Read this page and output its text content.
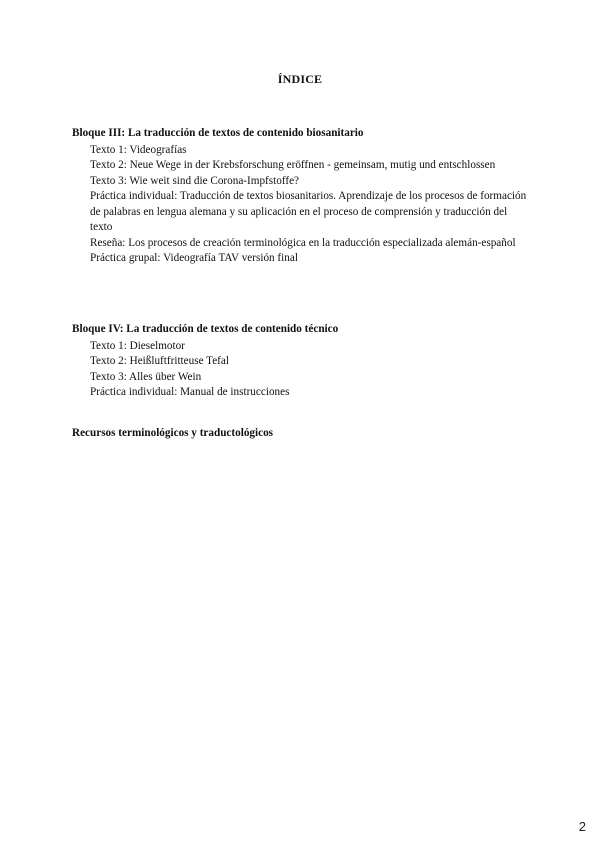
ÍNDICE

Bloque III: La traducción de textos de contenido biosanitario

Texto 1: Videografías
Texto 2: Neue Wege in der Krebsforschung eröffnen - gemeinsam, mutig und entschlossen
Texto 3: Wie weit sind die Corona-Impfstoffe?
Práctica individual: Traducción de textos biosanitarios. Aprendizaje de los procesos de formación de palabras en lengua alemana y su aplicación en el proceso de comprensión y traducción del texto
Reseña: Los procesos de creación terminológica en la traducción especializada alemán-español
Práctica grupal: Videografía TAV versión final

Bloque IV: La traducción de textos de contenido técnico

Texto 1: Dieselmotor
Texto 2: Heißluftfritteuse Tefal
Texto 3: Alles über Wein
Práctica individual: Manual de instrucciones

Recursos terminológicos y traductológicos

2
